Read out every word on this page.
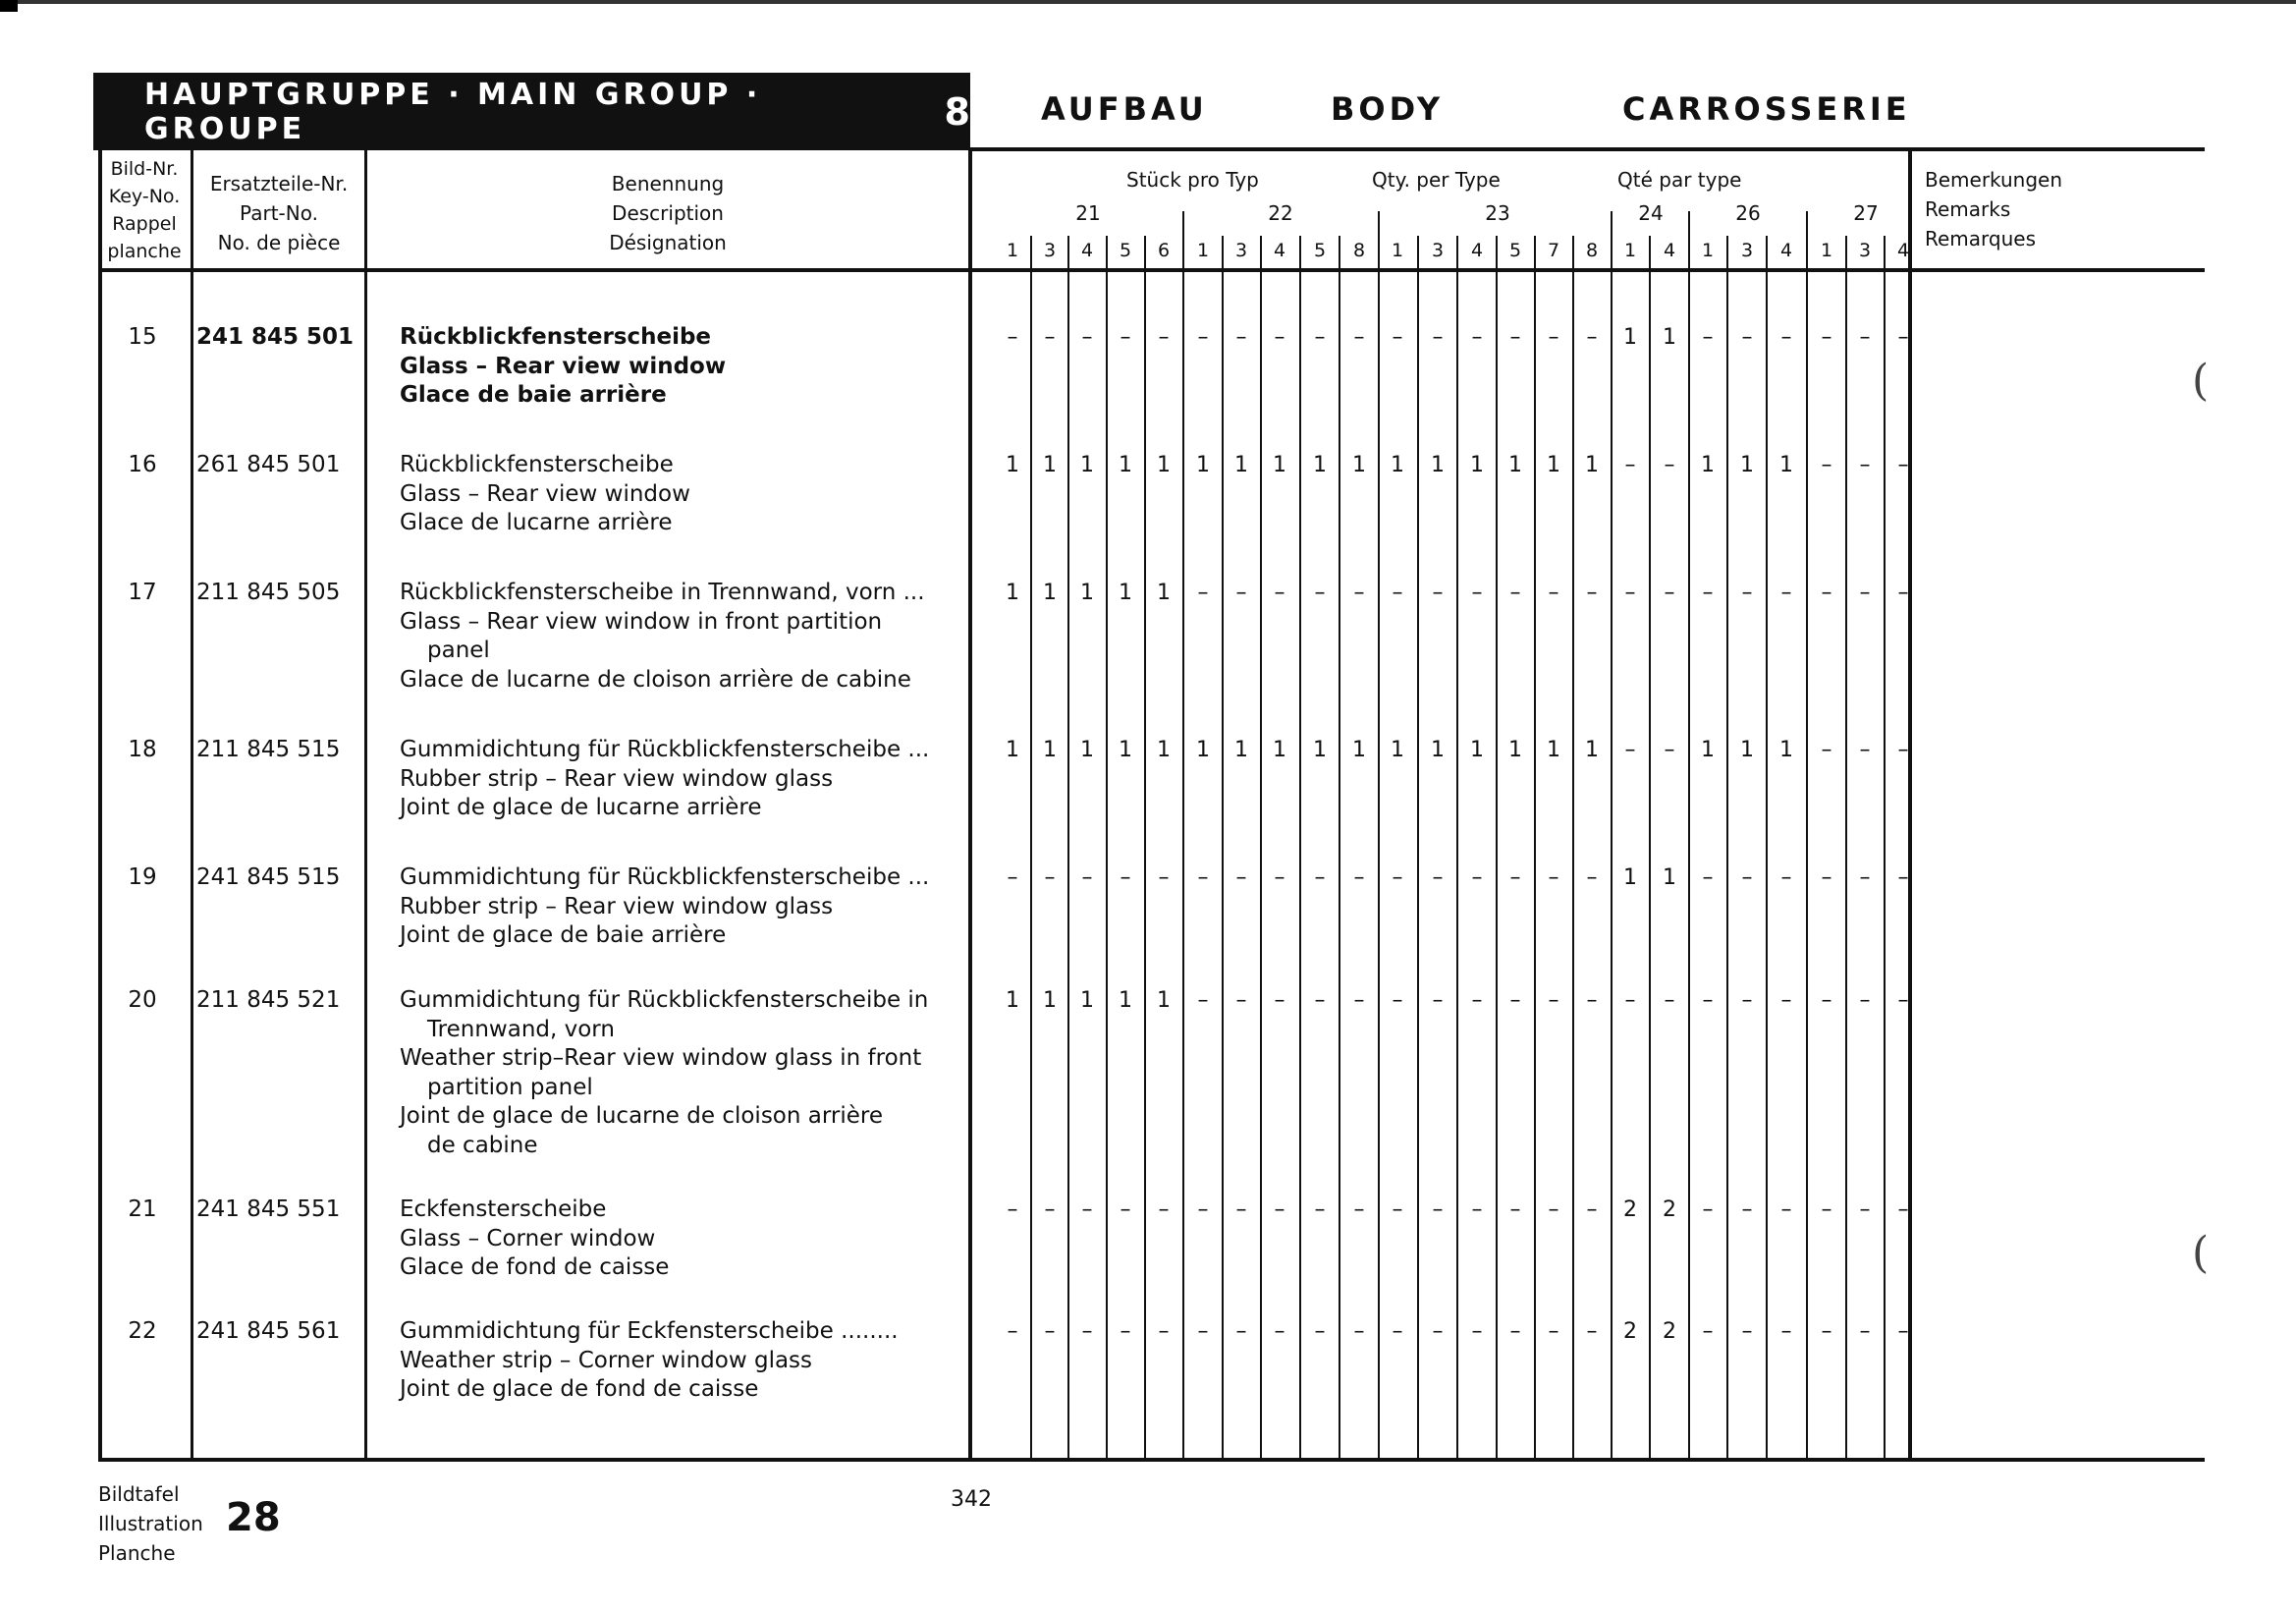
HAUPTGRUPPE · MAIN GROUP · GROUPE	8 AUFBAU	BODY	CARROSSERIE
Bild-Nr.
Key-No.
Rappel
planche
Ersatzteile-Nr.
Part-No.
No. de pièce
Benennung
Description
Désignation
Stück pro Typ	Qty. per Type	Qté par type	Bemerkungen
Remarks
Remarques
21	22	23	24	26	27
1	3	4	5	6	1	3	4	5	8	1	3	4	5	7	8	1	4	1	3	4	1	3	4
15	241 845 501 Rückblickfensterscheibe
Glass – Rear view window
Glace de baie arrière
–	–	–	–	–	–	–	–	–	–	–	–	–	–	–	–	1	1	–	–	–	–	–	–
16	261 845 501	Rückblickfensterscheibe
Glass – Rear view window
Glace de lucarne arrière
1	1	1	1	1	1	1	1	1	1	1	1	1	1	1	1	–	–	1	1	1	–	–	–
17	211 845 505	Rückblickfensterscheibe in Trennwand, vorn ...
Glass – Rear view window in front partition
panel
Glace de lucarne de cloison arrière de cabine
1	1	1	1	1	–	–	–	–	–	–	–	–	–	–	–	–	–	–	–	–	–	–	–
18	211 845 515	Gummidichtung für Rückblickfensterscheibe ...
Rubber strip – Rear view window glass
Joint de glace de lucarne arrière
1	1	1	1	1	1	1	1	1	1	1	1	1	1	1	1	–	–	1	1	1	–	–	–
19	241 845 515	Gummidichtung für Rückblickfensterscheibe ...
Rubber strip – Rear view window glass
Joint de glace de baie arrière
–	–	–	–	–	–	–	–	–	–	–	–	–	–	–	–	1	1	–	–	–	–	–	–
20	211 845 521	Gummidichtung für Rückblickfensterscheibe in
Trennwand, vorn
Weather strip–Rear view window glass in front
partition panel
Joint de glace de lucarne de cloison arrière
de cabine
1	1	1	1	1	–	–	–	–	–	–	–	–	–	–	–	–	–	–	–	–	–	–	–
21	241 845 551	Eckfensterscheibe
Glass – Corner window
Glace de fond de caisse
–	–	–	–	–	–	–	–	–	–	–	–	–	–	–	–	2	2	–	–	–	–	–	–
22	241 845 561	Gummidichtung für Eckfensterscheibe ........
Weather strip – Corner window glass
Joint de glace de fond de caisse
–	–	–	–	–	–	–	–	–	–	–	–	–	–	–	–	2	2	–	–	–	–	–	–
Bildtafel
Illustration
Planche
28	342
(
(
